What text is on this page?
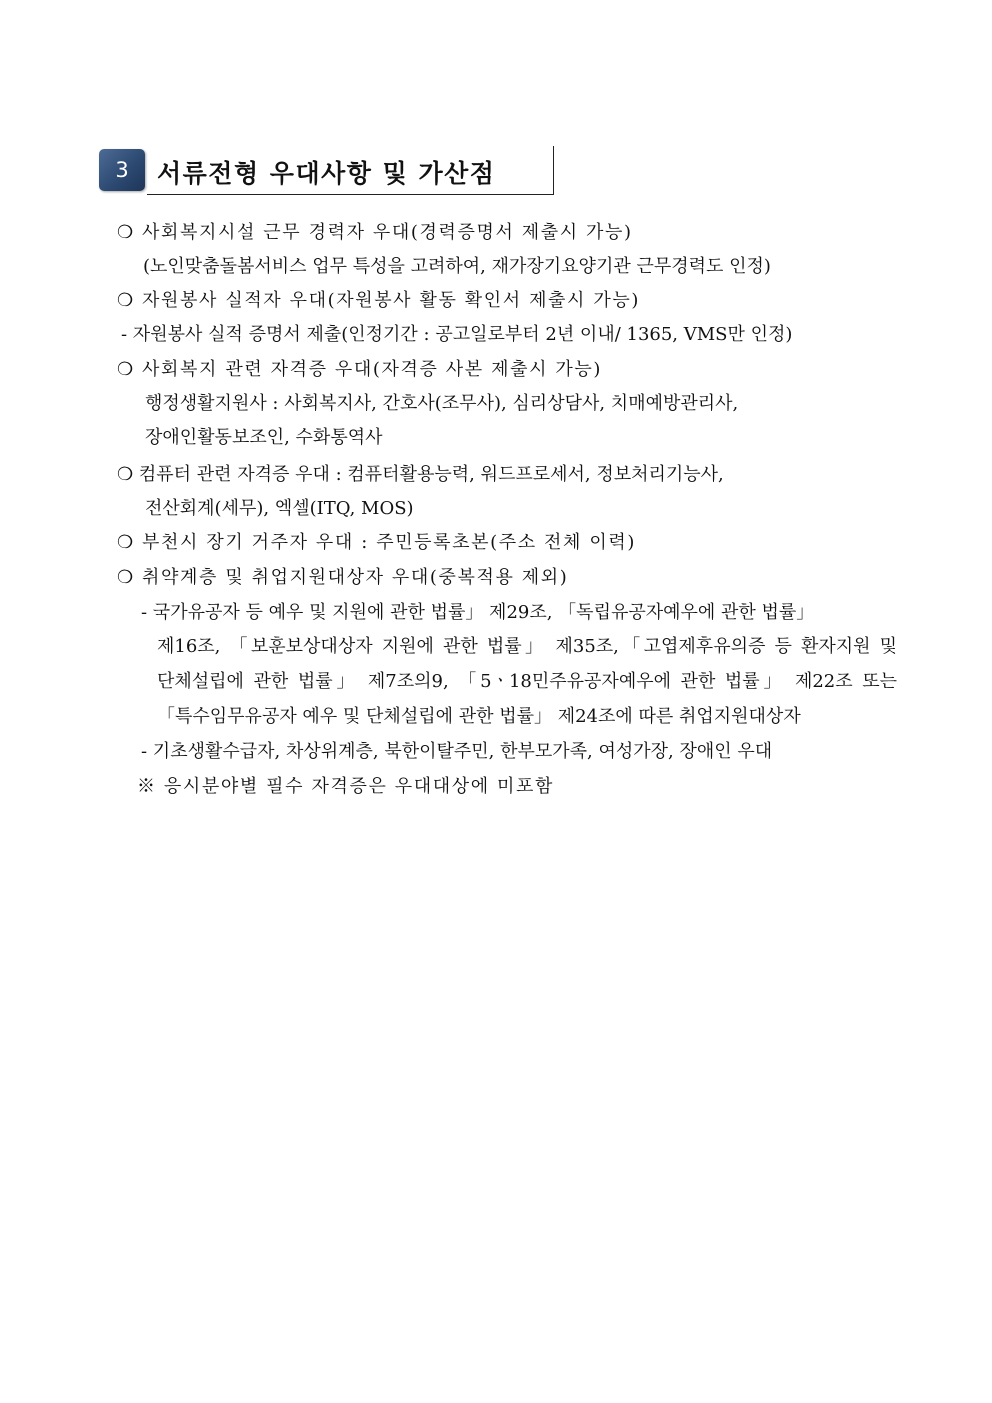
3	서류전형 우대사항 및 가산점
❍ 사회복지시설 근무 경력자 우대(경력증명서 제출시 가능)
(노인맞춤돌봄서비스 업무 특성을 고려하여, 재가장기요양기관 근무경력도 인정)
❍ 자원봉사 실적자 우대(자원봉사 활동 확인서 제출시 가능)
- 자원봉사 실적 증명서 제출(인정기간 : 공고일로부터 2년 이내/ 1365, VMS만 인정)
❍ 사회복지 관련 자격증 우대(자격증 사본 제출시 가능)
행정생활지원사 : 사회복지사, 간호사(조무사), 심리상담사, 치매예방관리사,
장애인활동보조인, 수화통역사
❍ 컴퓨터 관련 자격증 우대 : 컴퓨터활용능력, 워드프로세서, 정보처리기능사,
전산회계(세무), 엑셀(ITQ, MOS)
❍ 부천시 장기 거주자 우대 : 주민등록초본(주소 전체 이력)
❍ 취약계층 및 취업지원대상자 우대(중복적용 제외)
- 국가유공자 등 예우 및 지원에 관한 법률」 제29조, 「독립유공자예우에 관한 법률」
제16조, 「보훈보상대상자 지원에 관한 법률」 제35조,「고엽제후유의증 등 환자지원 및
단체설립에 관한 법률」 제7조의9, 「5ㆍ18민주유공자예우에 관한 법률」 제22조 또는
「특수임무유공자 예우 및 단체설립에 관한 법률」 제24조에 따른 취업지원대상자
- 기초생활수급자, 차상위계층, 북한이탈주민, 한부모가족, 여성가장, 장애인 우대
※ 응시분야별 필수 자격증은 우대대상에 미포함
